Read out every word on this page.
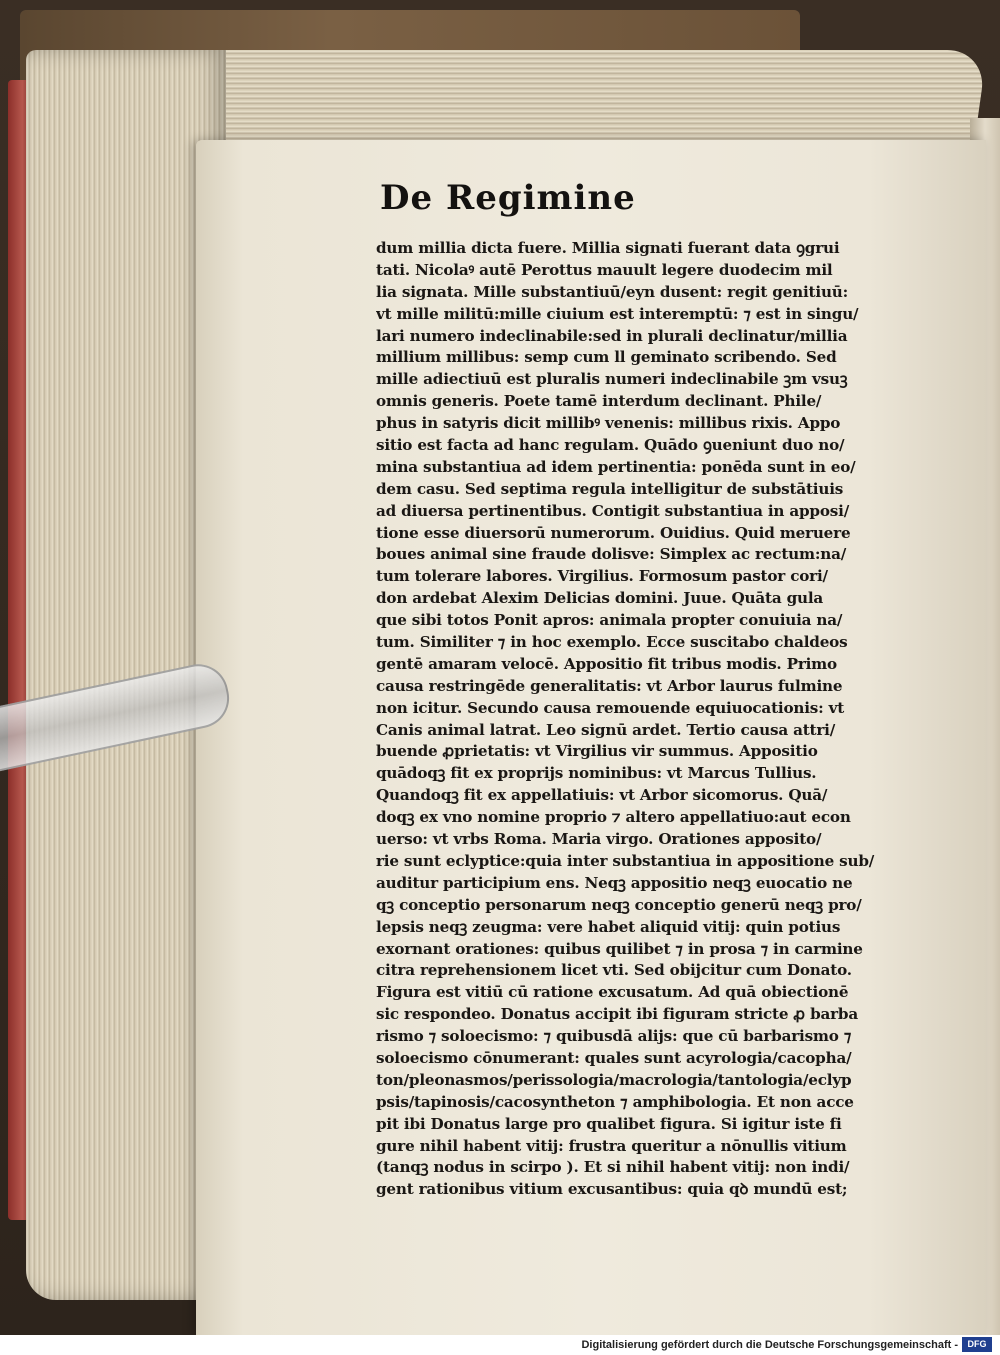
De Regimine
dum millia dicta fuere. Millia signati fuerant data ꝯgrui
tati. Nicolaꝰ autē Perottus mauult legere duodecim mil
lia signata. Mille substantiuū/eyn dusent: regit genitiuū:
vt mille militū:mille ciuium est interemptū: ⁊ est in singu/
lari numero indeclinabile:sed in plurali declinatur/millia
millium millibus: semp cum ll geminato scribendo. Sed
mille adiectiuū est pluralis numeri indeclinabile ꝫm vsuꝫ
omnis generis. Poete tamē interdum declinant. Phile/
phus in satyris dicit millibꝰ venenis: millibus rixis. Appo
sitio est facta ad hanc regulam. Quādo ꝯueniunt duo no/
mina substantiua ad idem pertinentia: ponēda sunt in eo/
dem casu. Sed septima regula intelligitur de substātiuis
ad diuersa pertinentibus. Contigit substantiua in apposi/
tione esse diuersorū numerorum. Ouidius. Quid meruere
boues animal sine fraude dolisve: Simplex ac rectum:na/
tum tolerare labores. Virgilius. Formosum pastor cori/
don ardebat Alexim Delicias domini. Juue. Quāta gula
que sibi totos Ponit apros: animala propter conuiuia na/
tum. Similiter ⁊ in hoc exemplo. Ecce suscitabo chaldeos
gentē amaram velocē. Appositio fit tribus modis. Primo
causa restringēde generalitatis: vt Arbor laurus fulmine
non icitur. Secundo causa remouende equiuocationis: vt
Canis animal latrat. Leo signū ardet. Tertio causa attri/
buende ꝓprietatis: vt Virgilius vir summus. Appositio
quādoqꝫ fit ex proprijs nominibus: vt Marcus Tullius.
Quandoqꝫ fit ex appellatiuis: vt Arbor sicomorus. Quā/
doqꝫ ex vno nomine proprio ⁊ altero appellatiuo:aut econ
uerso: vt vrbs Roma. Maria virgo. Orationes apposito/
rie sunt eclyptice:quia inter substantiua in appositione sub/
auditur participium ens. Neqꝫ appositio neqꝫ euocatio ne
qꝫ conceptio personarum neqꝫ conceptio generū neqꝫ pro/
lepsis neqꝫ zeugma: vere habet aliquid vitij: quin potius
exornant orationes: quibus quilibet ⁊ in prosa ⁊ in carmine
citra reprehensionem licet vti. Sed obijcitur cum Donato.
Figura est vitiū cū ratione excusatum. Ad quā obiectionē
sic respondeo. Donatus accipit ibi figuram stricte ꝓ barba
rismo ⁊ soloecismo: ⁊ quibusdā alijs: que cū barbarismo ⁊
soloecismo cōnumerant: quales sunt acyrologia/cacopha/
ton/pleonasmos/perissologia/macrologia/tantologia/eclyp
psis/tapinosis/cacosyntheton ⁊ amphibologia. Et non acce
pit ibi Donatus large pro qualibet figura. Si igitur iste fi
gure nihil habent vitij: frustra queritur a nōnullis vitium
(tanqꝫ nodus in scirpo ). Et si nihil habent vitij: non indi/
gent rationibus vitium excusantibus: quia qꝺ mundū est;
Digitalisierung gefördert durch die Deutsche Forschungsgemeinschaft -	DFG
